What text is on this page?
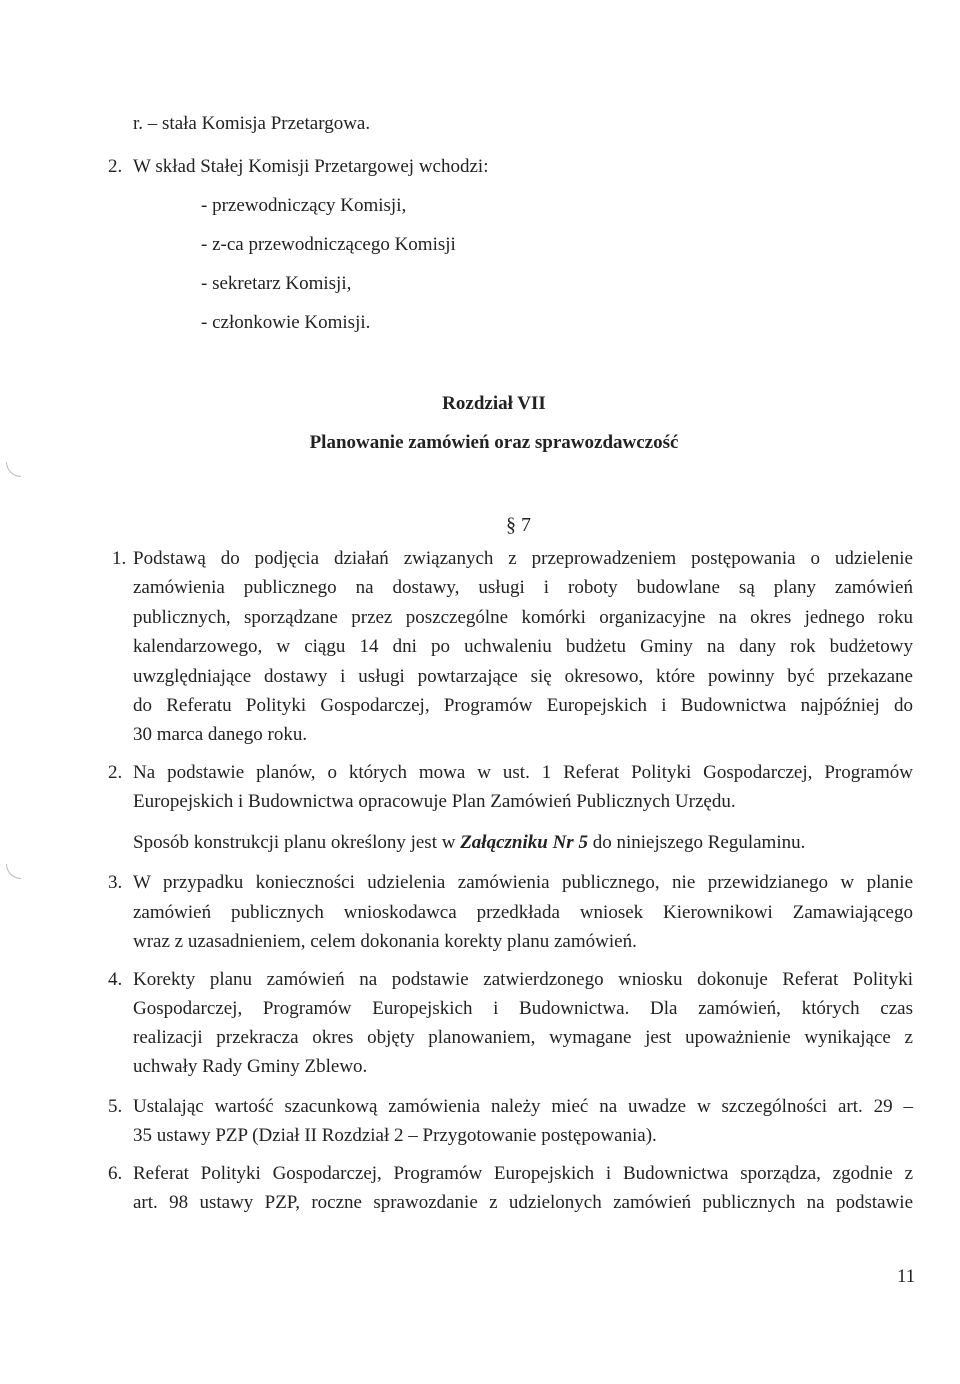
r. – stała Komisja Przetargowa.
2. W skład Stałej Komisji Przetargowej wchodzi:
- przewodniczący Komisji,
- z-ca przewodniczącego Komisji
- sekretarz Komisji,
- członkowie Komisji.
Rozdział VII
Planowanie zamówień oraz sprawozdawczość
§ 7
1. Podstawą do podjęcia działań związanych z przeprowadzeniem postępowania o udzielenie
zamówienia publicznego na dostawy, usługi i roboty budowlane są plany zamówień
publicznych, sporządzane przez poszczególne komórki organizacyjne na okres jednego roku
kalendarzowego, w ciągu 14 dni po uchwaleniu budżetu Gminy na dany rok budżetowy
uwzględniające dostawy i usługi powtarzające się okresowo, które powinny być przekazane
do Referatu Polityki Gospodarczej, Programów Europejskich i Budownictwa najpóźniej do
30 marca danego roku.
2. Na podstawie planów, o których mowa w ust. 1 Referat Polityki Gospodarczej, Programów
Europejskich i Budownictwa opracowuje Plan Zamówień Publicznych Urzędu.
Sposób konstrukcji planu określony jest w Załączniku Nr 5 do niniejszego Regulaminu.
3. W przypadku konieczności udzielenia zamówienia publicznego, nie przewidzianego w planie
zamówień publicznych wnioskodawca przedkłada wniosek Kierownikowi Zamawiającego
wraz z uzasadnieniem, celem dokonania korekty planu zamówień.
4. Korekty planu zamówień na podstawie zatwierdzonego wniosku dokonuje Referat Polityki
Gospodarczej, Programów Europejskich i Budownictwa. Dla zamówień, których czas
realizacji przekracza okres objęty planowaniem, wymagane jest upoważnienie wynikające z
uchwały Rady Gminy Zblewo.
5. Ustalając wartość szacunkową zamówienia należy mieć na uwadze w szczególności art. 29 –
35 ustawy PZP (Dział II Rozdział 2 – Przygotowanie postępowania).
6. Referat Polityki Gospodarczej, Programów Europejskich i Budownictwa sporządza, zgodnie z
art. 98 ustawy PZP, roczne sprawozdanie z udzielonych zamówień publicznych na podstawie
11
